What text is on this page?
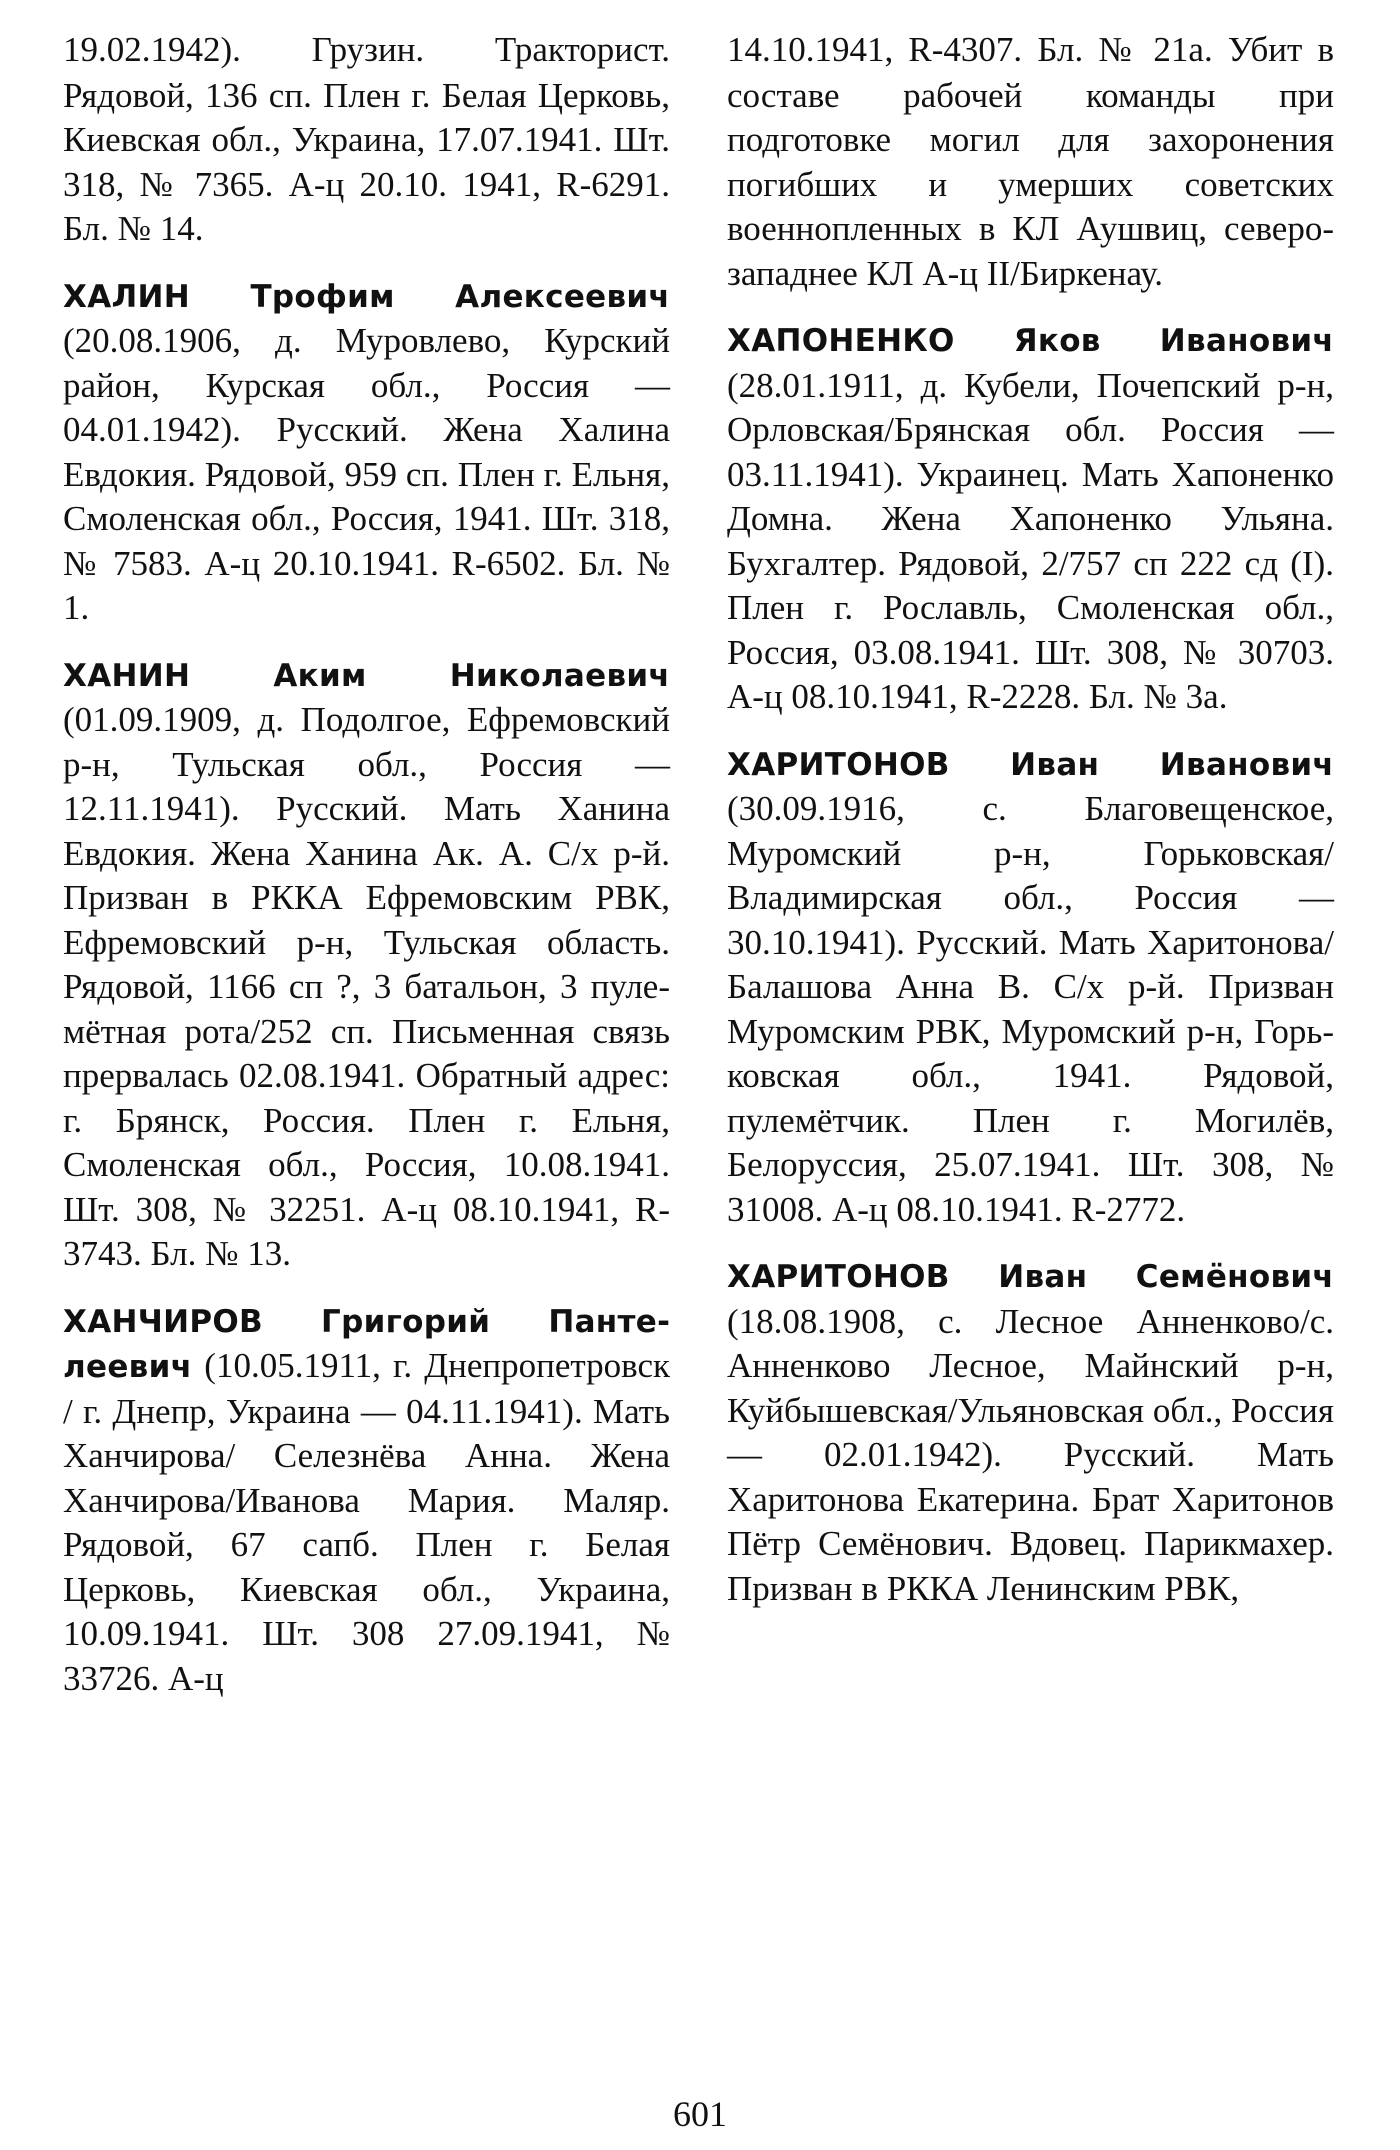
19.02.1942). Грузин. Тракторист. Рядовой, 136 сп. Плен г. Белая Церковь, Киевская обл., Украина, 17.07.1941. Шт. 318, № 7365. А-ц 20.10. 1941, R-6291. Бл. № 14.

ХАЛИН Трофим Алексеевич (20.08.1906, д. Муровлево, Курский район, Курская обл., Россия — 04.01.1942). Русский. Жена Халина Евдокия. Рядовой, 959 сп. Плен г. Ельня, Смоленская обл., Россия, 1941. Шт. 318, № 7583. А-ц 20.10.1941. R-6502. Бл. № 1.

ХАНИН Аким Николаевич (01.09.1909, д. Подолгое, Ефремовский р-н, Тульская обл., Россия — 12.11.1941). Русский. Мать Ханина Евдокия. Жена Ханина Ак. А. С/х р-й. Призван в РККА Ефремовским РВК, Ефремовский р-н, Тульская область. Рядовой, 1166 сп ?, 3 батальон, 3 пулемётная рота/252 сп. Письменная связь прервалась 02.08.1941. Обратный адрес: г. Брянск, Россия. Плен г. Ельня, Смоленская обл., Россия, 10.08.1941. Шт. 308, № 32251. А-ц 08.10.1941, R-3743. Бл. № 13.

ХАНЧИРОВ Григорий Пантелеевич (10.05.1911, г. Днепропетровск / г. Днепр, Украина — 04.11.1941). Мать Ханчирова/ Селезнёва Анна. Жена Ханчирова/Иванова Мария. Маляр. Рядовой, 67 сапб. Плен г. Белая Церковь, Киевская обл., Украина, 10.09.1941. Шт. 308 27.09.1941, № 33726. А-ц

14.10.1941, R-4307. Бл. № 21а. Убит в составе рабочей команды при подготовке могил для захоронения погибших и умерших советских военнопленных в КЛ Аушвиц, северо-западнее КЛ А-ц II/Биркенау.

ХАПОНЕНКО Яков Иванович (28.01.1911, д. Кубели, Почепский р-н, Орловская/Брянская обл. Россия — 03.11.1941). Украинец. Мать Хапоненко Домна. Жена Хапоненко Ульяна. Бухгалтер. Рядовой, 2/757 сп 222 сд (I). Плен г. Рославль, Смоленская обл., Россия, 03.08.1941. Шт. 308, № 30703. А-ц 08.10.1941, R-2228. Бл. № 3а.

ХАРИТОНОВ Иван Иванович (30.09.1916, с. Благовещенское, Муромский р-н, Горьковская/ Владимирская обл., Россия — 30.10.1941). Русский. Мать Харитонова/Балашова Анна В. С/х р-й. Призван Муромским РВК, Муромский р-н, Горьковская обл., 1941. Рядовой, пулемётчик. Плен г. Могилёв, Белоруссия, 25.07.1941. Шт. 308, № 31008. А-ц 08.10.1941. R-2772.

ХАРИТОНОВ Иван Семёнович (18.08.1908, с. Лесное Анненково/с. Анненково Лесное, Майнский р-н, Куйбышевская/Ульяновская обл., Россия — 02.01.1942). Русский. Мать Харитонова Екатерина. Брат Харитонов Пётр Семёнович. Вдовец. Парикмахер. Призван в РККА Ленинским РВК,

601
